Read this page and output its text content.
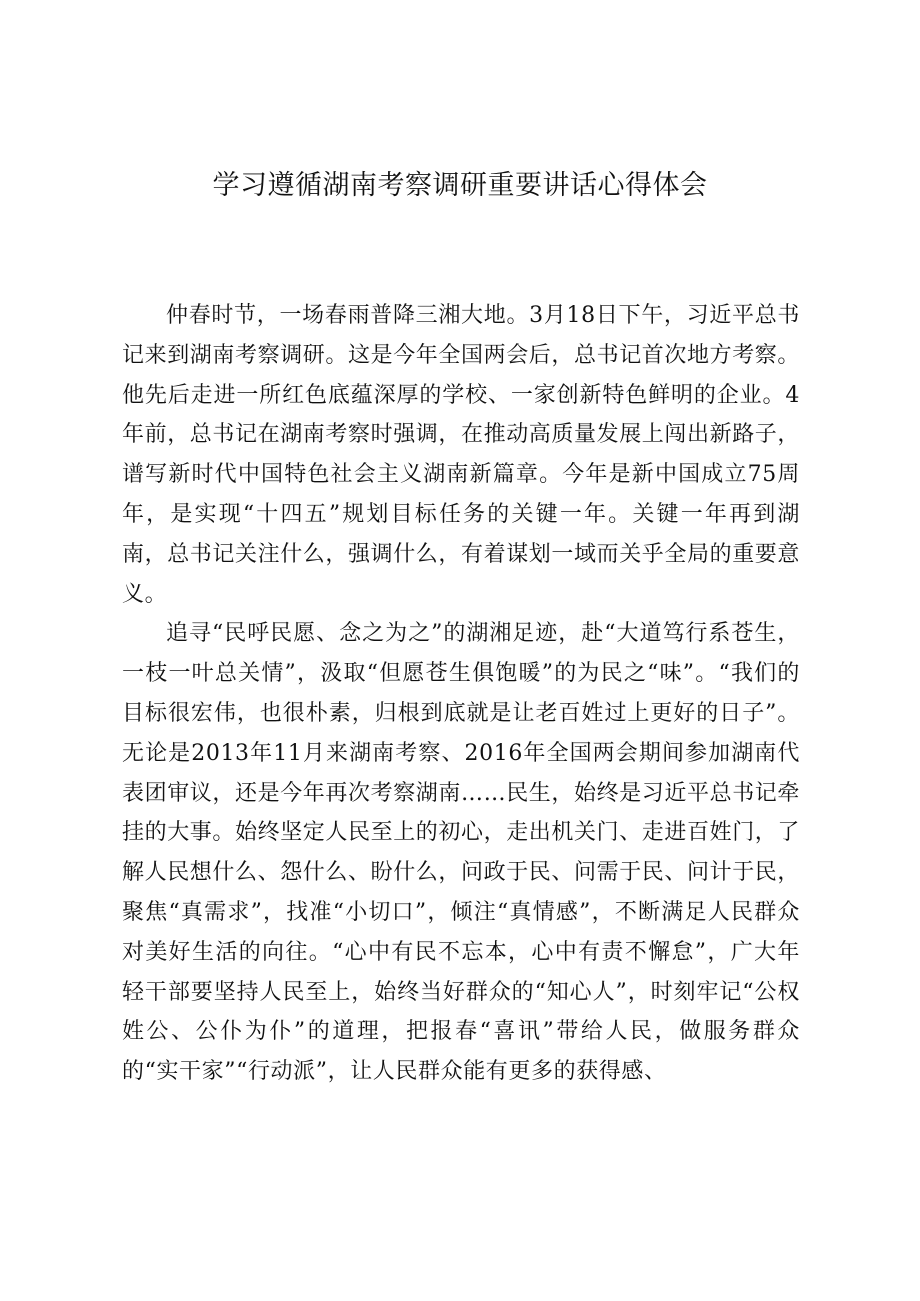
学习遵循湖南考察调研重要讲话心得体会

仲春时节，一场春雨普降三湘大地。3月18日下午，习近平总书记来到湖南考察调研。这是今年全国两会后，总书记首次地方考察。他先后走进一所红色底蕴深厚的学校、一家创新特色鲜明的企业。4年前，总书记在湖南考察时强调，在推动高质量发展上闯出新路子，谱写新时代中国特色社会主义湖南新篇章。今年是新中国成立75周年，是实现“十四五”规划目标任务的关键一年。关键一年再到湖南，总书记关注什么，强调什么，有着谋划一域而关乎全局的重要意义。

追寻“民呼民愿、念之为之”的湖湘足迹，赴“大道笃行系苍生，一枝一叶总关情”，汲取“但愿苍生俱饱暖”的为民之“味”。“我们的目标很宏伟，也很朴素，归根到底就是让老百姓过上更好的日子”。无论是2013年11月来湖南考察、2016年全国两会期间参加湖南代表团审议，还是今年再次考察湖南……民生，始终是习近平总书记牵挂的大事。始终坚定人民至上的初心，走出机关门、走进百姓门，了解人民想什么、怨什么、盼什么，问政于民、问需于民、问计于民，聚焦“真需求”，找准“小切口”，倾注“真情感”，不断满足人民群众对美好生活的向往。“心中有民不忘本，心中有责不懈怠”，广大年轻干部要坚持人民至上，始终当好群众的“知心人”，时刻牢记“公权姓公、公仆为仆”的道理，把报春“喜讯”带给人民，做服务群众的“实干家”“行动派”，让人民群众能有更多的获得感、
